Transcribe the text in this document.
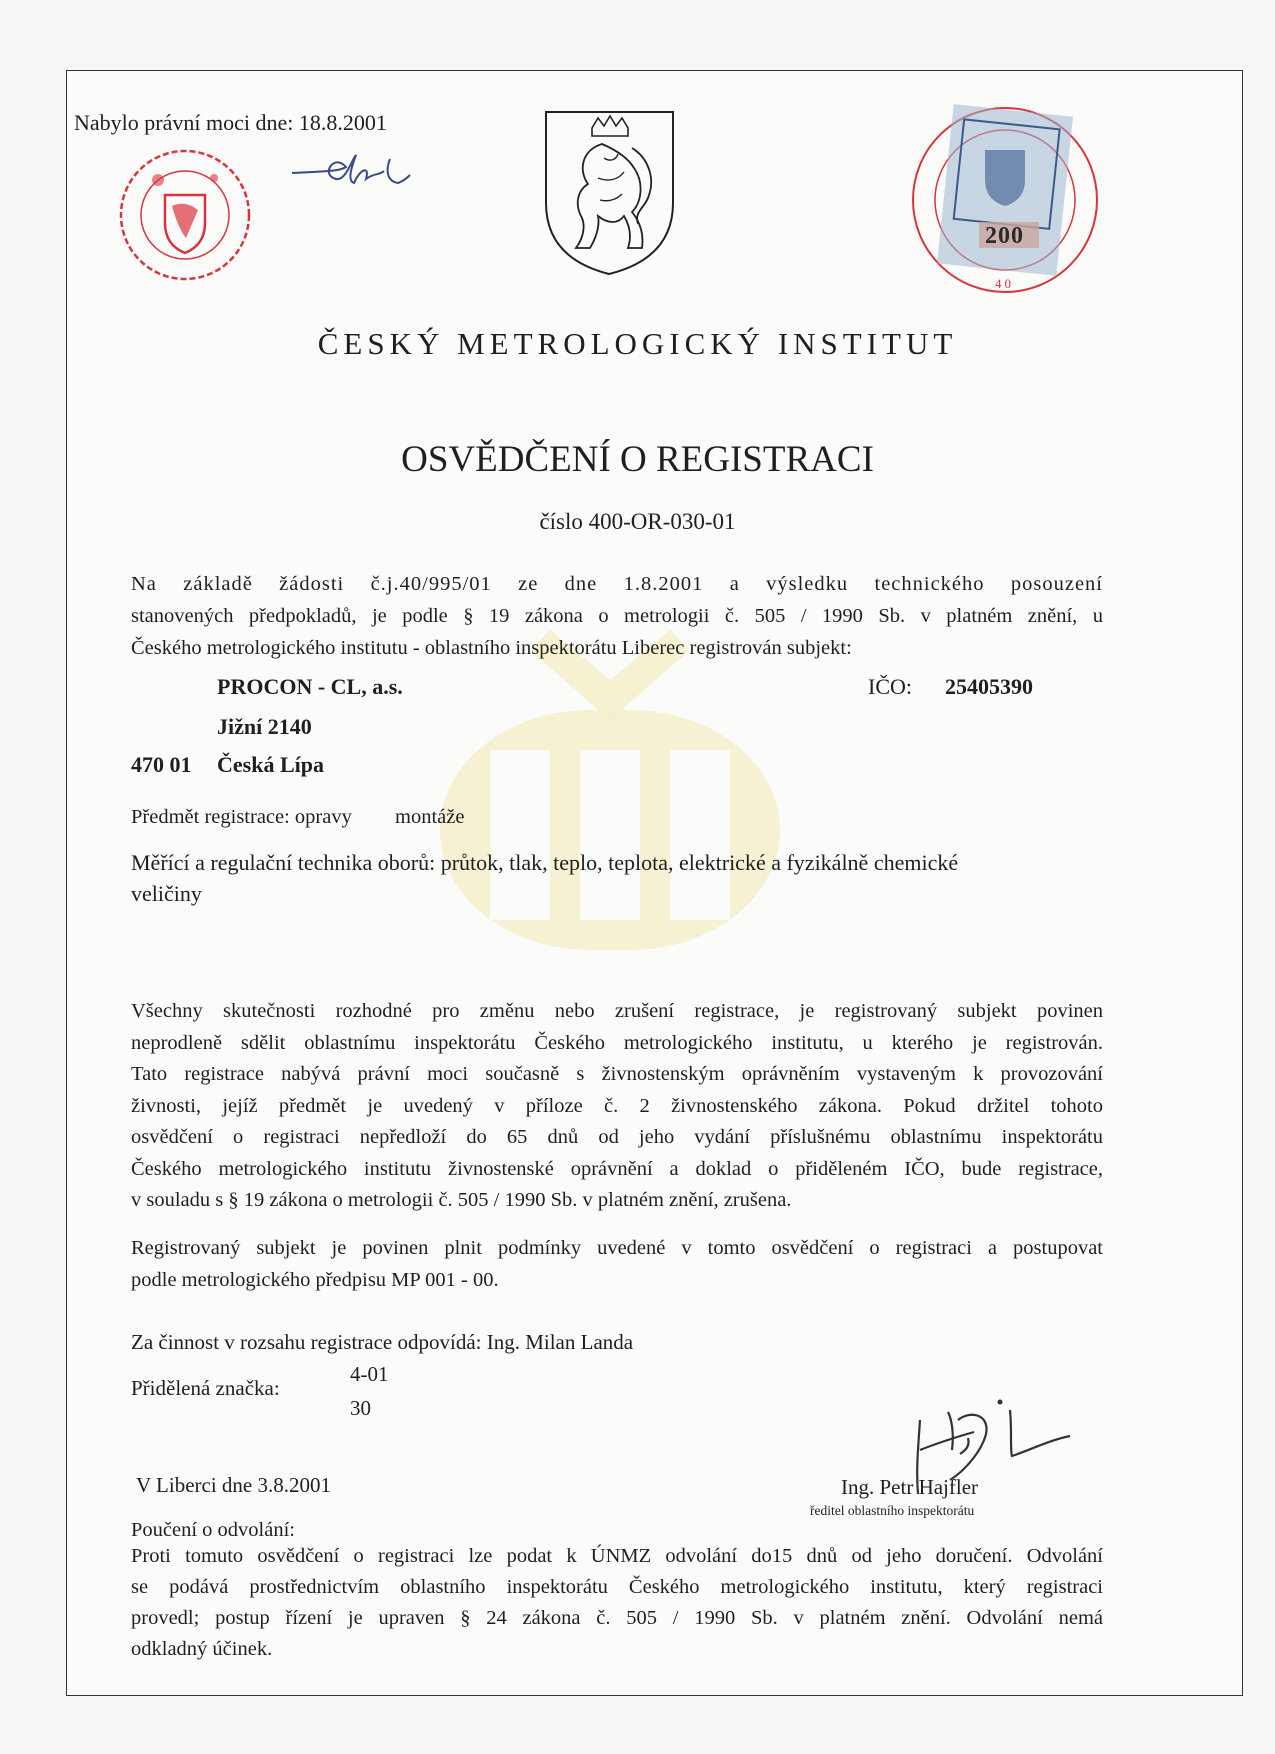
Nabylo právní moci dne: 18.8.2001
200
40
ČESKÝ METROLOGICKÝ INSTITUT
OSVĚDČENÍ O REGISTRACI
číslo 400-OR-030-01
Na základě žádosti č.j.40/995/01 ze dne 1.8.2001 a výsledku technického posouzení
stanovených předpokladů, je podle § 19 zákona o metrologii č. 505 / 1990 Sb. v platném znění, u
Českého metrologického institutu - oblastního inspektorátu Liberec registrován subjekt:
PROCON - CL, a.s.	IČO: 25405390
Jižní 2140
470 01 Česká Lípa
Předmět registrace: opravy montáže
Měřící a regulační technika oborů: průtok, tlak, teplo, teplota, elektrické a fyzikálně chemické
veličiny
Všechny skutečnosti rozhodné pro změnu nebo zrušení registrace, je registrovaný subjekt povinen
neprodleně sdělit oblastnímu inspektorátu Českého metrologického institutu, u kterého je registrován.
Tato registrace nabývá právní moci současně s živnostenským oprávněním vystaveným k provozování
živnosti, jejíž předmět je uvedený v příloze č. 2 živnostenského zákona. Pokud držitel tohoto
osvědčení o registraci nepředloží do 65 dnů od jeho vydání příslušnému oblastnímu inspektorátu
Českého metrologického institutu živnostenské oprávnění a doklad o přiděleném IČO, bude registrace,
v souladu s § 19 zákona o metrologii č. 505 / 1990 Sb. v platném znění, zrušena.
Registrovaný subjekt je povinen plnit podmínky uvedené v tomto osvědčení o registraci a postupovat
podle metrologického předpisu MP 001 - 00.
Za činnost v rozsahu registrace odpovídá: Ing. Milan Landa
Přidělená značka:
4-01
30
V Liberci dne 3.8.2001	Ing. Petr Hajfler
ředitel oblastního inspektorátu
Poučení o odvolání:
Proti tomuto osvědčení o registraci lze podat k ÚNMZ odvolání do15 dnů od jeho doručení. Odvolání
se podává prostřednictvím oblastního inspektorátu Českého metrologického institutu, který registraci
provedl; postup řízení je upraven § 24 zákona č. 505 / 1990 Sb. v platném znění. Odvolání nemá
odkladný účinek.
